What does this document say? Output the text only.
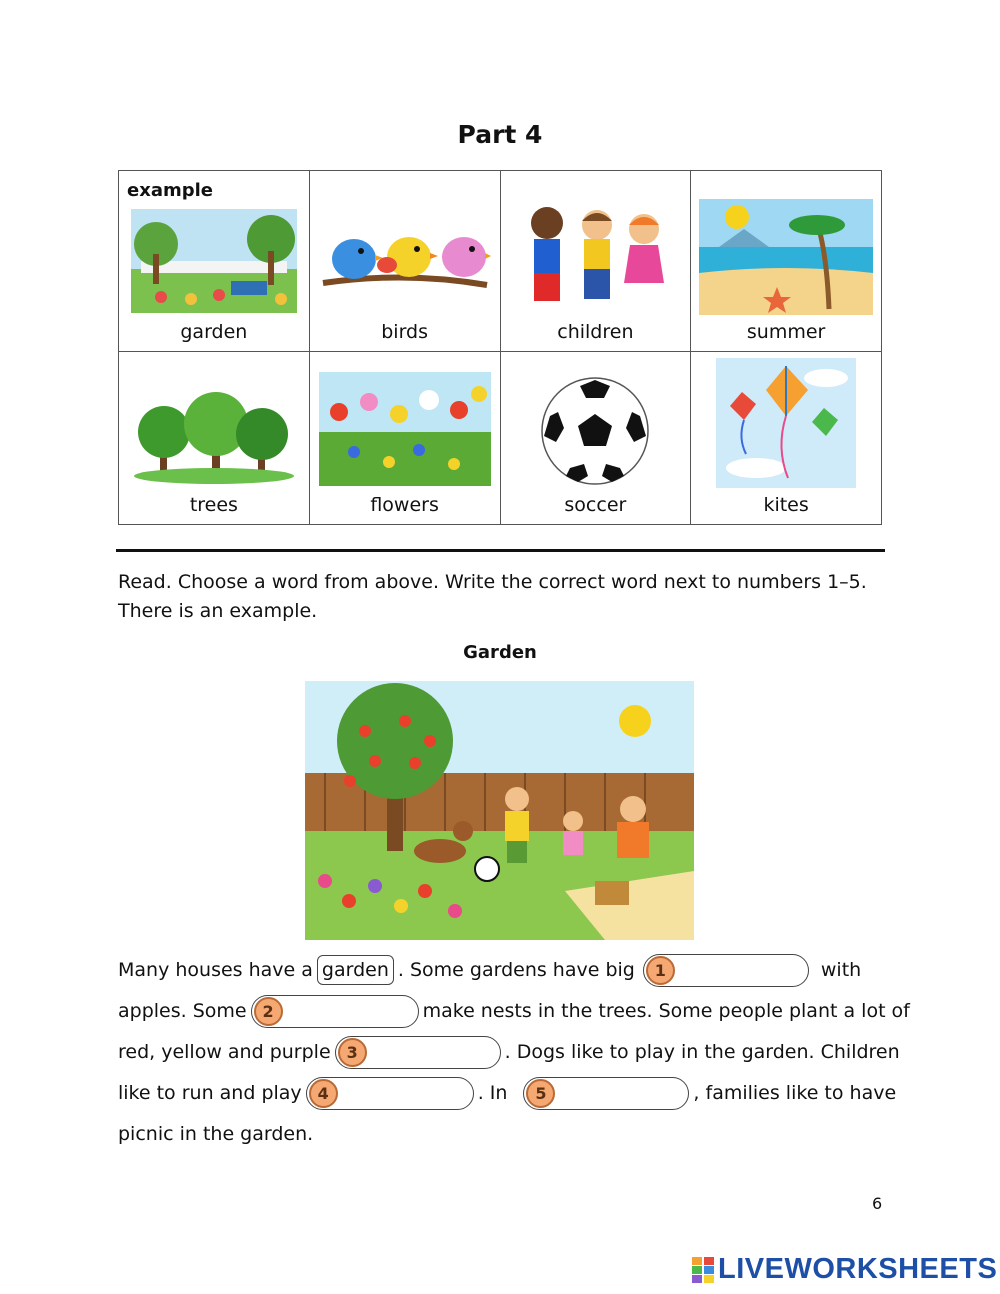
Part 4
example
garden	birds	children	summer

trees	flowers	soccer	kites
Read. Choose a word from above. Write the correct word next to numbers 1–5.
There is an example.
Garden
Many houses have a garden . Some gardens have big	1	with
apples. Some 2	make nests in the trees. Some people plant a lot of
red, yellow and purple 3	. Dogs like to play in the garden. Children
like to run and play 4	. In	5	, families like to have
picnic in the garden.
6
LIVEWORKSHEETS
